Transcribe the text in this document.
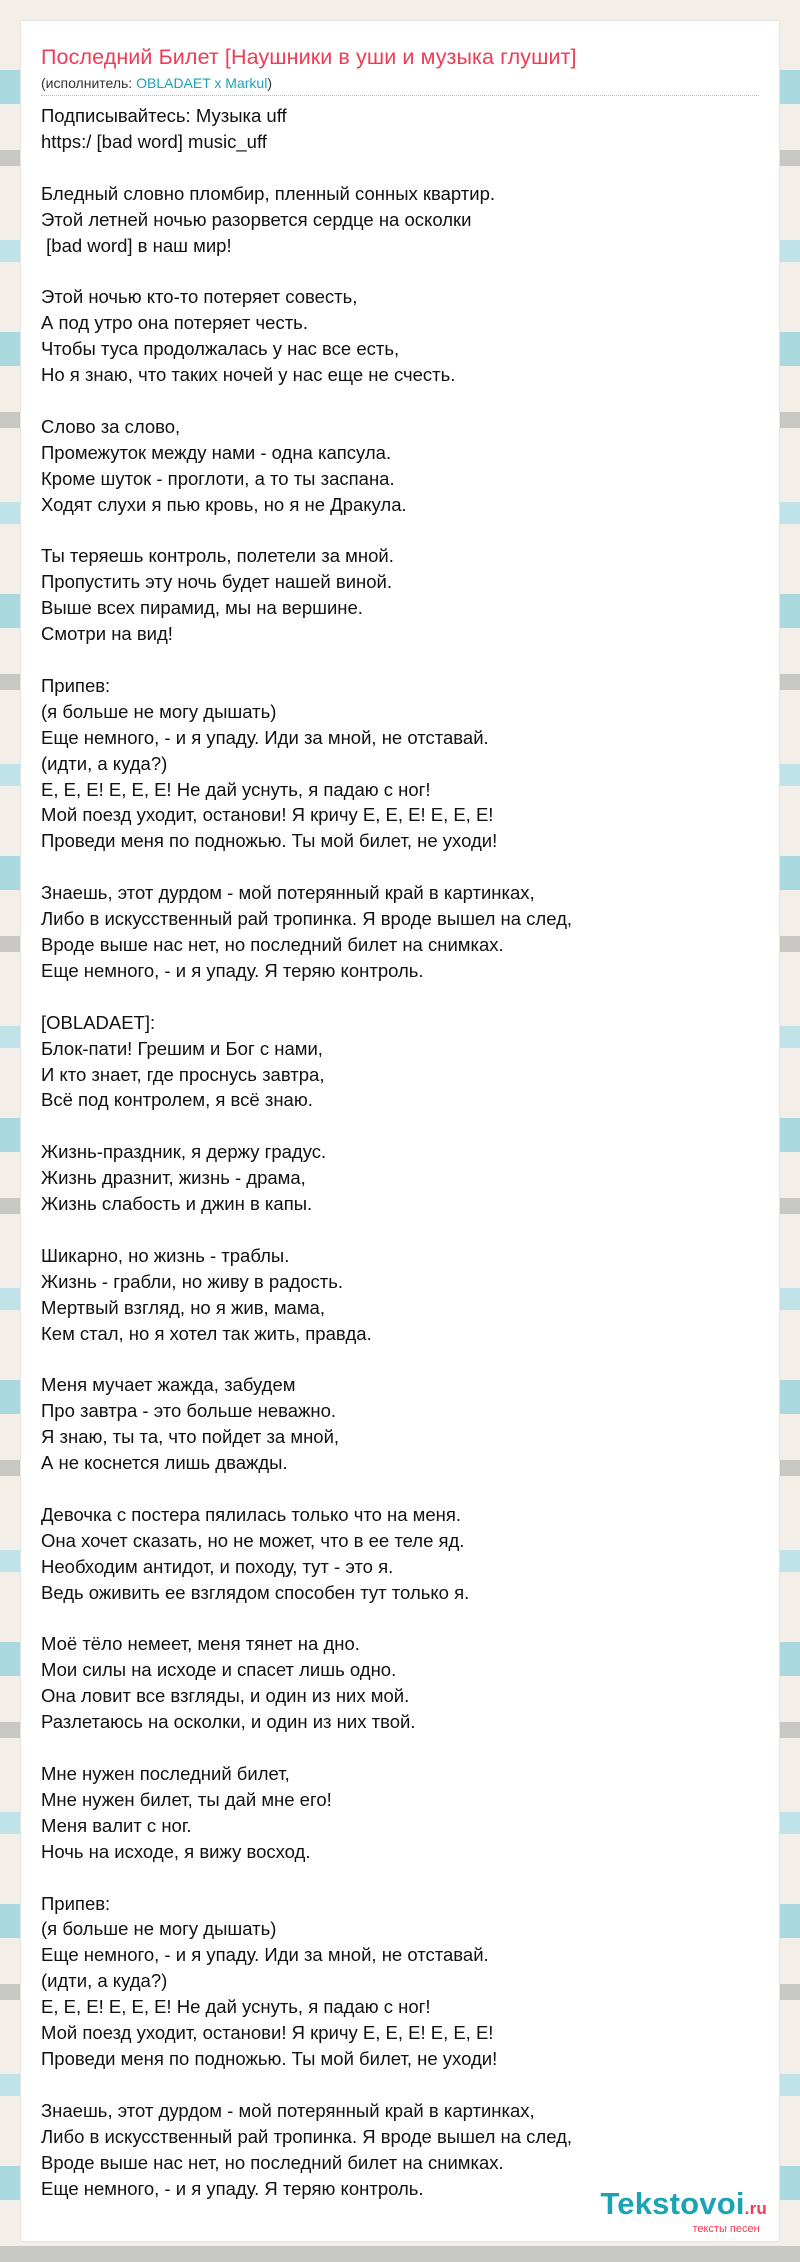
Последний Билет [Наушники в уши и музыка глушит]
(исполнитель: OBLADAET x Markul)
Подписывайтесь: Музыка uff
https:/ [bad word] music_uff

Бледный словно пломбир, пленный сонных квартир.
Этой летней ночью разорвется сердце на осколки
[bad word] в наш мир!

Этой ночью кто-то потеряет совесть,
А под утро она потеряет честь.
Чтобы туса продолжалась у нас все есть,
Но я знаю, что таких ночей у нас еще не счесть.

Слово за слово,
Промежуток между нами - одна капсула.
Кроме шуток - проглоти, а то ты заспана.
Ходят слухи я пью кровь, но я не Дракула.

Ты теряешь контроль, полетели за мной.
Пропустить эту ночь будет нашей виной.
Выше всех пирамид, мы на вершине.
Смотри на вид!

Припев:
(я больше не могу дышать)
Еще немного, - и я упаду. Иди за мной, не отставай.
(идти, а куда?)
Е, Е, Е! Е, Е, Е! Не дай уснуть, я падаю с ног!
Мой поезд уходит, останови! Я кричу Е, Е, Е! Е, Е, Е!
Проведи меня по подножью. Ты мой билет, не уходи!

Знаешь, этот дурдом - мой потерянный край в картинках,
Либо в искусственный рай тропинка. Я вроде вышел на след,
Вроде выше нас нет, но последний билет на снимках.
Еще немного, - и я упаду. Я теряю контроль.

[OBLADAET]:
Блок-пати! Грешим и Бог с нами,
И кто знает, где проснусь завтра,
Всё под контролем, я всё знаю.

Жизнь-праздник, я держу градус.
Жизнь дразнит, жизнь - драма,
Жизнь слабость и джин в капы.

Шикарно, но жизнь - траблы.
Жизнь - грабли, но живу в радость.
Мертвый взгляд, но я жив, мама,
Кем стал, но я хотел так жить, правда.

Меня мучает жажда, забудем
Про завтра - это больше неважно.
Я знаю, ты та, что пойдет за мной,
А не коснется лишь дважды.

Девочка с постера пялилась только что на меня.
Она хочет сказать, но не может, что в ее теле яд.
Необходим антидот, и походу, тут - это я.
Ведь оживить ее взглядом способен тут только я.

Моё тёло немеет, меня тянет на дно.
Мои силы на исходе и спасет лишь одно.
Она ловит все взгляды, и один из них мой.
Разлетаюсь на осколки, и один из них твой.

Мне нужен последний билет,
Мне нужен билет, ты дай мне его!
Меня валит с ног.
Ночь на исходе, я вижу восход.

Припев:
(я больше не могу дышать)
Еще немного, - и я упаду. Иди за мной, не отставай.
(идти, а куда?)
Е, Е, Е! Е, Е, Е! Не дай уснуть, я падаю с ног!
Мой поезд уходит, останови! Я кричу Е, Е, Е! Е, Е, Е!
Проведи меня по подножью. Ты мой билет, не уходи!

Знаешь, этот дурдом - мой потерянный край в картинках,
Либо в искусственный рай тропинка. Я вроде вышел на след,
Вроде выше нас нет, но последний билет на снимках.
Еще немного, - и я упаду. Я теряю контроль.	Tekstovoi.ru
тексты песен
